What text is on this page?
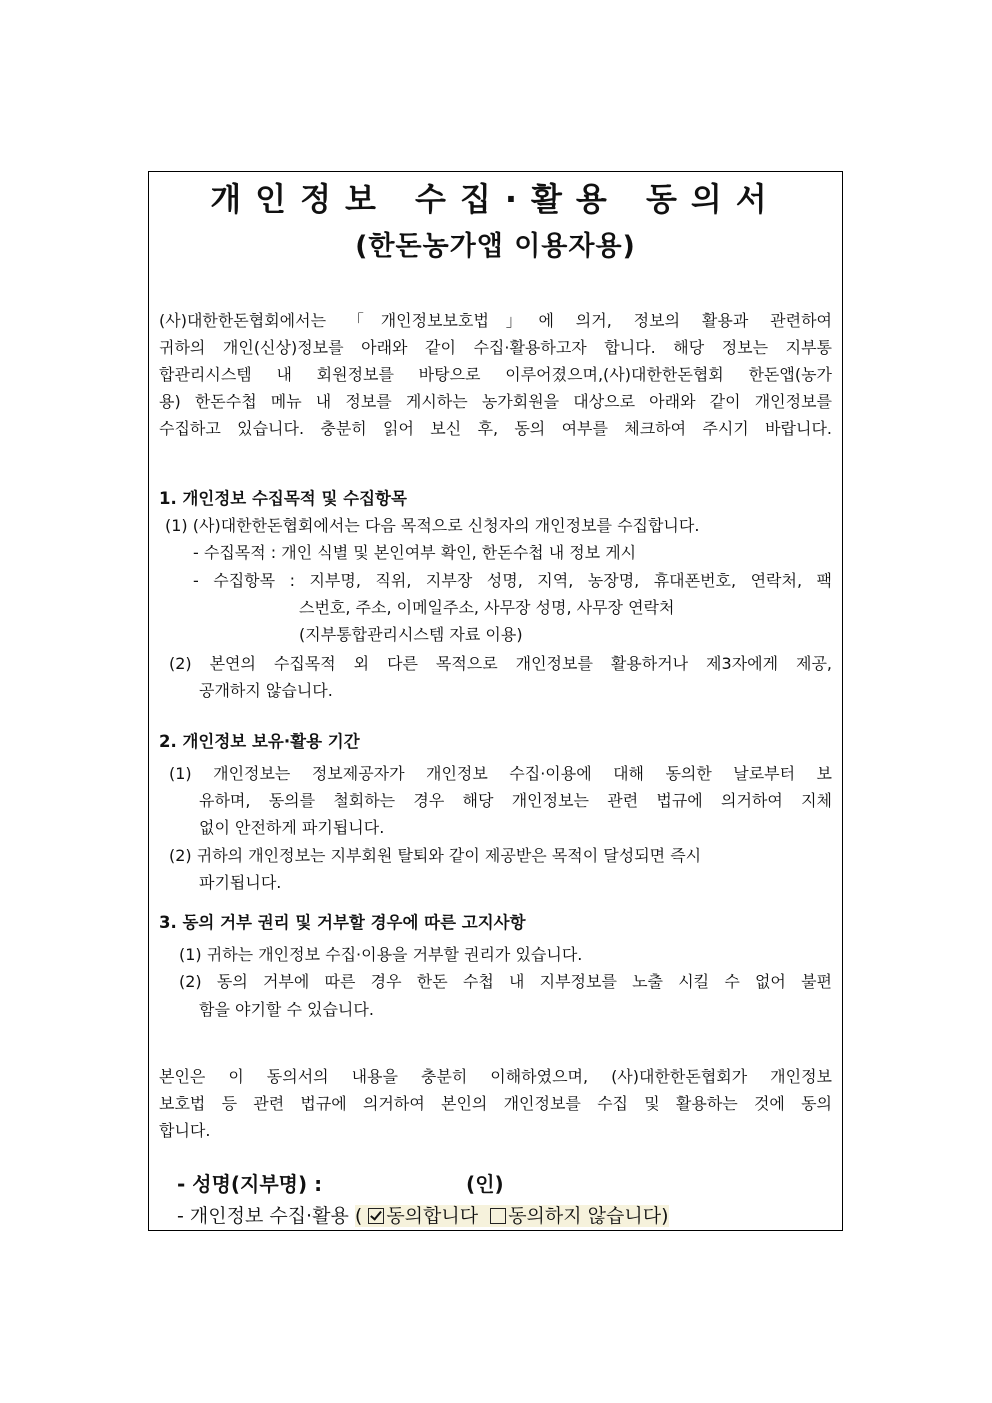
개인정보 수집·활용 동의서
(한돈농가앱 이용자용)
(사)대한한돈협회에서는 「개인정보보호법」에 의거, 정보의 활용과 관련하여
귀하의 개인(신상)정보를 아래와 같이 수집·활용하고자 합니다. 해당 정보는 지부통
합관리시스템 내 회원정보를 바탕으로 이루어졌으며,(사)대한한돈협회 한돈앱(농가
용) 한돈수첩 메뉴 내 정보를 게시하는 농가회원을 대상으로 아래와 같이 개인정보를
수집하고 있습니다. 충분히 읽어 보신 후, 동의 여부를 체크하여 주시기 바랍니다.
1. 개인정보 수집목적 및 수집항목
(1) (사)대한한돈협회에서는 다음 목적으로 신청자의 개인정보를 수집합니다.
- 수집목적 : 개인 식별 및 본인여부 확인, 한돈수첩 내 정보 게시
- 수집항목 : 지부명, 직위, 지부장 성명, 지역, 농장명, 휴대폰번호, 연락처, 팩
스번호, 주소, 이메일주소, 사무장 성명, 사무장 연락처
(지부통합관리시스템 자료 이용)
(2) 본연의 수집목적 외 다른 목적으로 개인정보를 활용하거나 제3자에게 제공,
공개하지 않습니다.
2. 개인정보 보유·활용 기간
(1) 개인정보는 정보제공자가 개인정보 수집·이용에 대해 동의한 날로부터 보
유하며, 동의를 철회하는 경우 해당 개인정보는 관련 법규에 의거하여 지체
없이 안전하게 파기됩니다.
(2) 귀하의 개인정보는 지부회원 탈퇴와 같이 제공받은 목적이 달성되면 즉시
파기됩니다.
3. 동의 거부 권리 및 거부할 경우에 따른 고지사항
(1) 귀하는 개인정보 수집·이용을 거부할 권리가 있습니다.
(2) 동의 거부에 따른 경우 한돈 수첩 내 지부정보를 노출 시킬 수 없어 불편
함을 야기할 수 있습니다.
본인은 이 동의서의 내용을 충분히 이해하였으며, (사)대한한돈협회가 개인정보
보호법 등 관련 법규에 의거하여 본인의 개인정보를 수집 및 활용하는 것에 동의
합니다.
- 성명(지부명) :	(인)
- 개인정보 수집·활용 ( 동의합니다 동의하지 않습니다)
